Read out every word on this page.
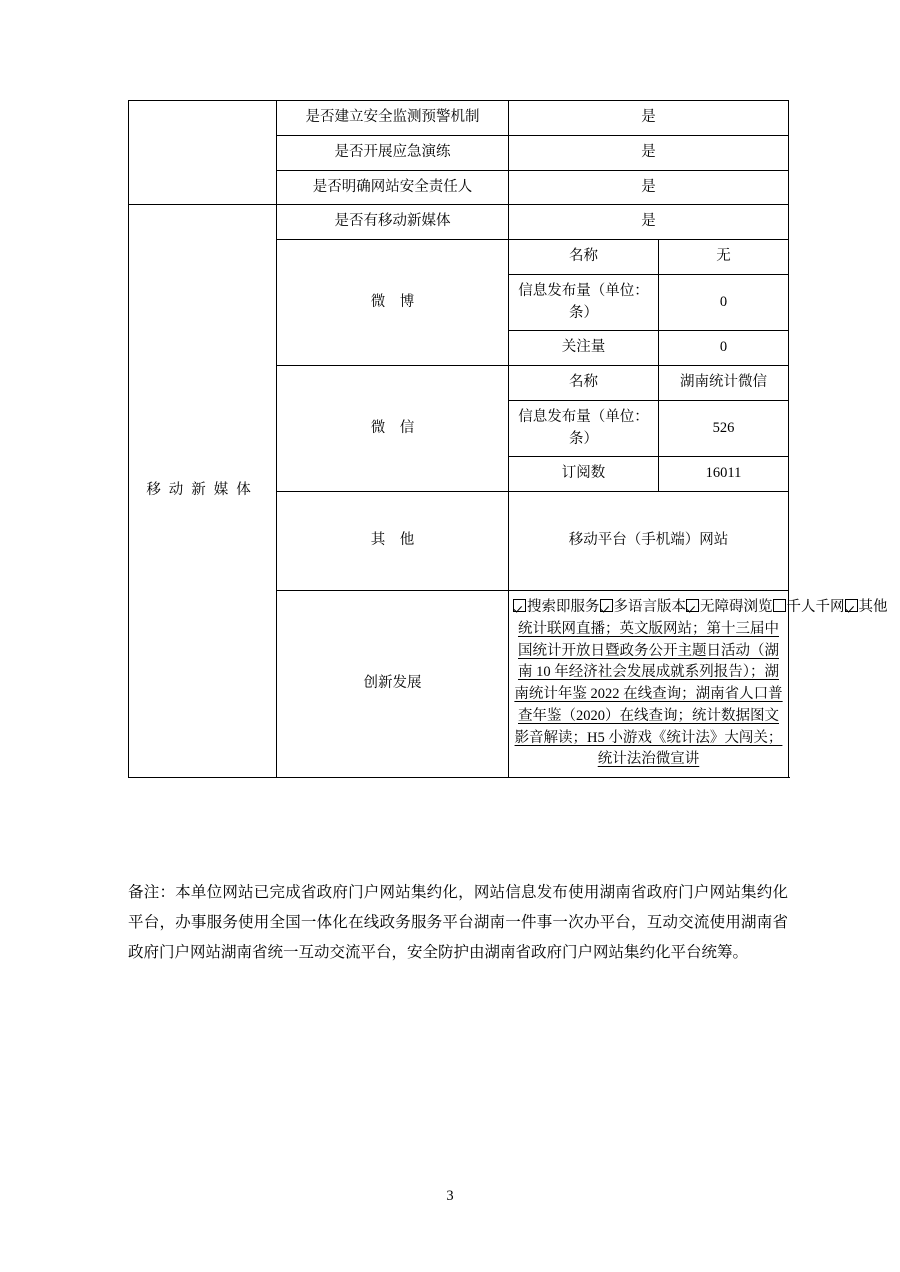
	是否建立安全监测预警机制	是	
	是否开展应急演练	是	
	是否明确网站安全责任人	是	
移动新媒体	是否有移动新媒体	是	
	微　博	名称	无
		信息发布量（单位：条）	0
		关注量	0
	微　信	名称	湖南统计微信
		信息发布量（单位：条）	526
		订阅数	16011
	其　他	移动平台（手机端）网站	
	创新发展	搜索即服务 多语言版本 无障碍浏览 千人千网 其他
统计联网直播；英文版网站；第十三届中国统计开放日暨政务公开主题日活动（湖南 10 年经济社会发展成就系列报告）；湖南统计年鉴 2022 在线查询；湖南省人口普查年鉴（2020）在线查询；统计数据图文影音解读；H5 小游戏《统计法》大闯关；统计法治微宣讲	
备注：本单位网站已完成省政府门户网站集约化，网站信息发布使用湖南省政府门户网站集约化平台，办事服务使用全国一体化在线政务服务平台湖南一件事一次办平台，互动交流使用湖南省政府门户网站湖南省统一互动交流平台，安全防护由湖南省政府门户网站集约化平台统筹。
3
